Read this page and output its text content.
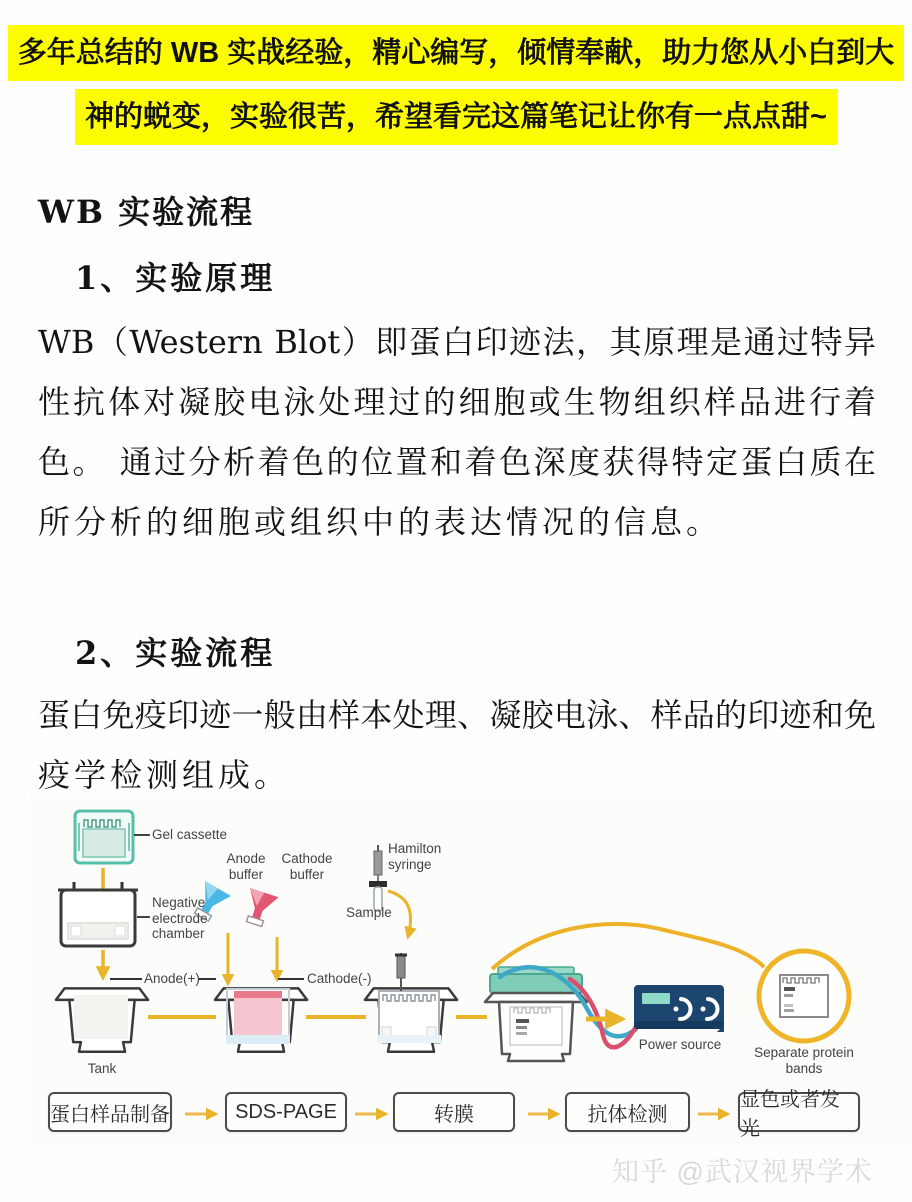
多年总结的 WB 实战经验，精心编写，倾情奉献，助力您从小白到大
神的蜕变，实验很苦，希望看完这篇笔记让你有一点点甜~
WB 实验流程
1、实验原理
WB（Western Blot）即蛋白印迹法，其原理是通过特异
性抗体对凝胶电泳处理过的细胞或生物组织样品进行着
色。 通过分析着色的位置和着色深度获得特定蛋白质在
所分析的细胞或组织中的表达情况的信息。
2、实验流程
蛋白免疫印迹一般由样本处理、凝胶电泳、样品的印迹和免
疫学检测组成。
Gel cassette
Negative electrode chamber
Anode buffer
Cathode buffer
Hamilton syringe
Sample
Anode(+)	Cathode(-)
Tank
Power source
Separate protein bands
蛋白样品制备	SDS-PAGE	转膜	抗体检测
显色或者发光
知乎 @武汉视界学术
